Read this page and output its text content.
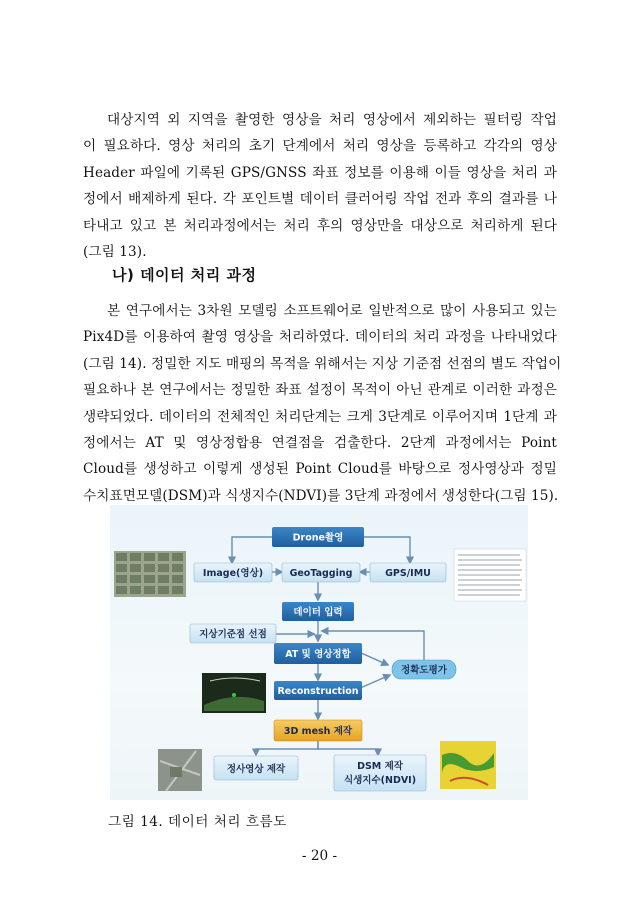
대상지역 외 지역을 촬영한 영상을 처리 영상에서 제외하는 필터링 작업
이 필요하다. 영상 처리의 초기 단계에서 처리 영상을 등록하고 각각의 영상
Header 파일에 기록된 GPS/GNSS 좌표 정보를 이용해 이들 영상을 처리 과
정에서 배제하게 된다. 각 포인트별 데이터 클러어링 작업 전과 후의 결과를 나
타내고 있고 본 처리과정에서는 처리 후의 영상만을 대상으로 처리하게 된다
(그림 13).
나) 데이터 처리 과정
본 연구에서는 3차원 모델링 소프트웨어로 일반적으로 많이 사용되고 있는
Pix4D를 이용하여 촬영 영상을 처리하였다. 데이터의 처리 과정을 나타내었다
(그림 14). 정밀한 지도 매핑의 목적을 위해서는 지상 기준점 선점의 별도 작업이
필요하나 본 연구에서는 정밀한 좌표 설정이 목적이 아닌 관계로 이러한 과정은
생략되었다. 데이터의 전체적인 처리단계는 크게 3단계로 이루어지며 1단계 과
정에서는 AT 및 영상정합용 연결점을 검출한다. 2단계 과정에서는 Point
Cloud를 생성하고 이렇게 생성된 Point Cloud를 바탕으로 정사영상과 정밀
수치표면모델(DSM)과 식생지수(NDVI)를 3단계 과정에서 생성한다(그림 15).
Drone촬영
Image(영상)	GeoTagging	GPS/IMU
데이터 입력
지상기준점 선점
AT 및 영상정합
정확도평가
Reconstruction
3D mesh 제작
정사영상 제작	DSM 제작
식생지수(NDVI)
그림 14. 데이터 처리 흐름도
- 20 -
